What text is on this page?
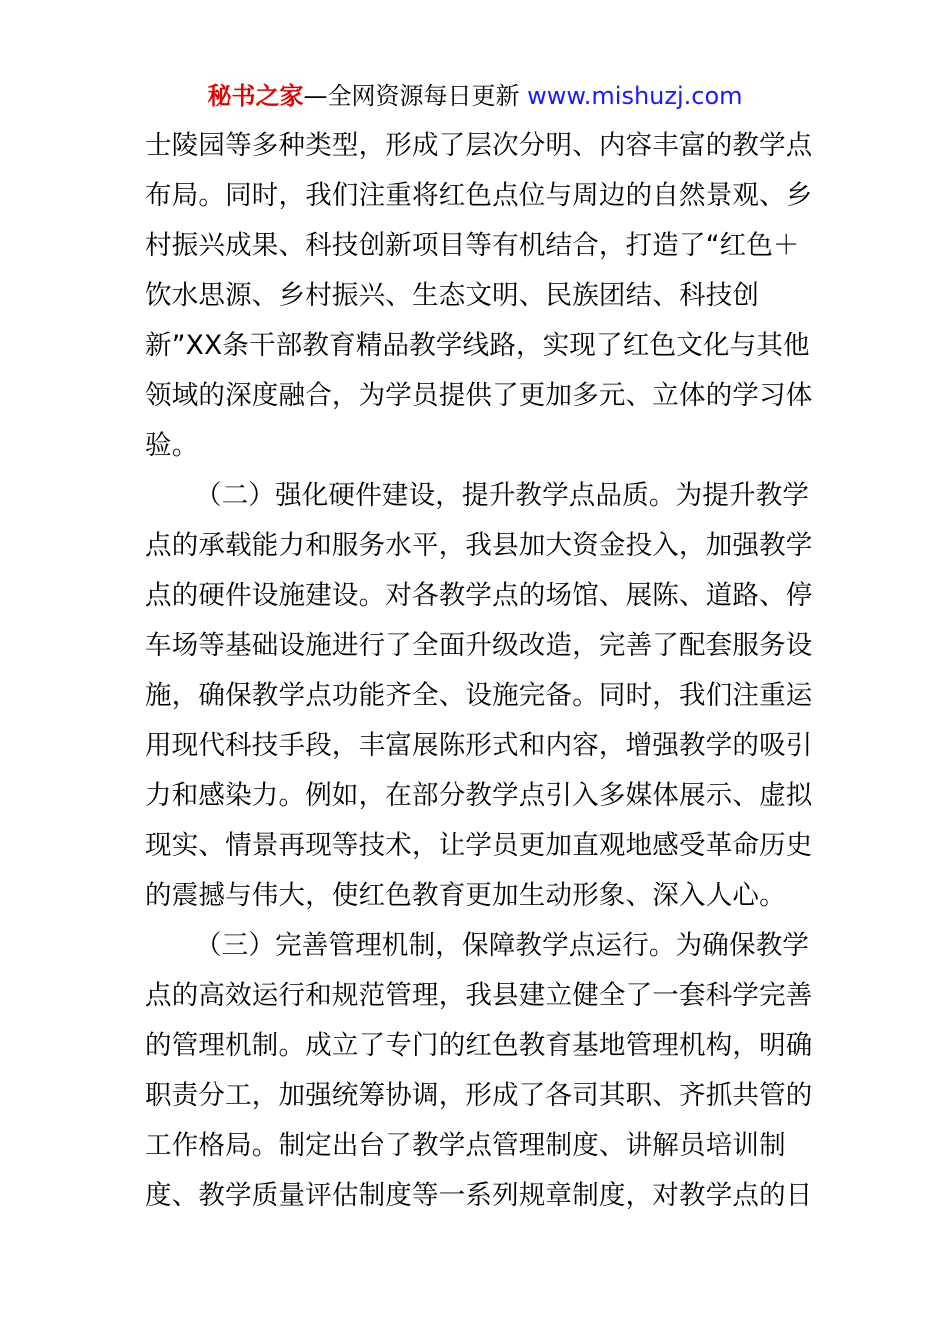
秘书之家—全网资源每日更新 www.mishuzj.com
士陵园等多种类型，形成了层次分明、内容丰富的教学点
布局。同时，我们注重将红色点位与周边的自然景观、乡
村振兴成果、科技创新项目等有机结合，打造了“红色＋
饮水思源、乡村振兴、生态文明、民族团结、科技创
新”XX条干部教育精品教学线路，实现了红色文化与其他
领域的深度融合，为学员提供了更加多元、立体的学习体
验。
（二）强化硬件建设，提升教学点品质。为提升教学
点的承载能力和服务水平，我县加大资金投入，加强教学
点的硬件设施建设。对各教学点的场馆、展陈、道路、停
车场等基础设施进行了全面升级改造，完善了配套服务设
施，确保教学点功能齐全、设施完备。同时，我们注重运
用现代科技手段，丰富展陈形式和内容，增强教学的吸引
力和感染力。例如，在部分教学点引入多媒体展示、虚拟
现实、情景再现等技术，让学员更加直观地感受革命历史
的震撼与伟大，使红色教育更加生动形象、深入人心。
（三）完善管理机制，保障教学点运行。为确保教学
点的高效运行和规范管理，我县建立健全了一套科学完善
的管理机制。成立了专门的红色教育基地管理机构，明确
职责分工，加强统筹协调，形成了各司其职、齐抓共管的
工作格局。制定出台了教学点管理制度、讲解员培训制
度、教学质量评估制度等一系列规章制度，对教学点的日
